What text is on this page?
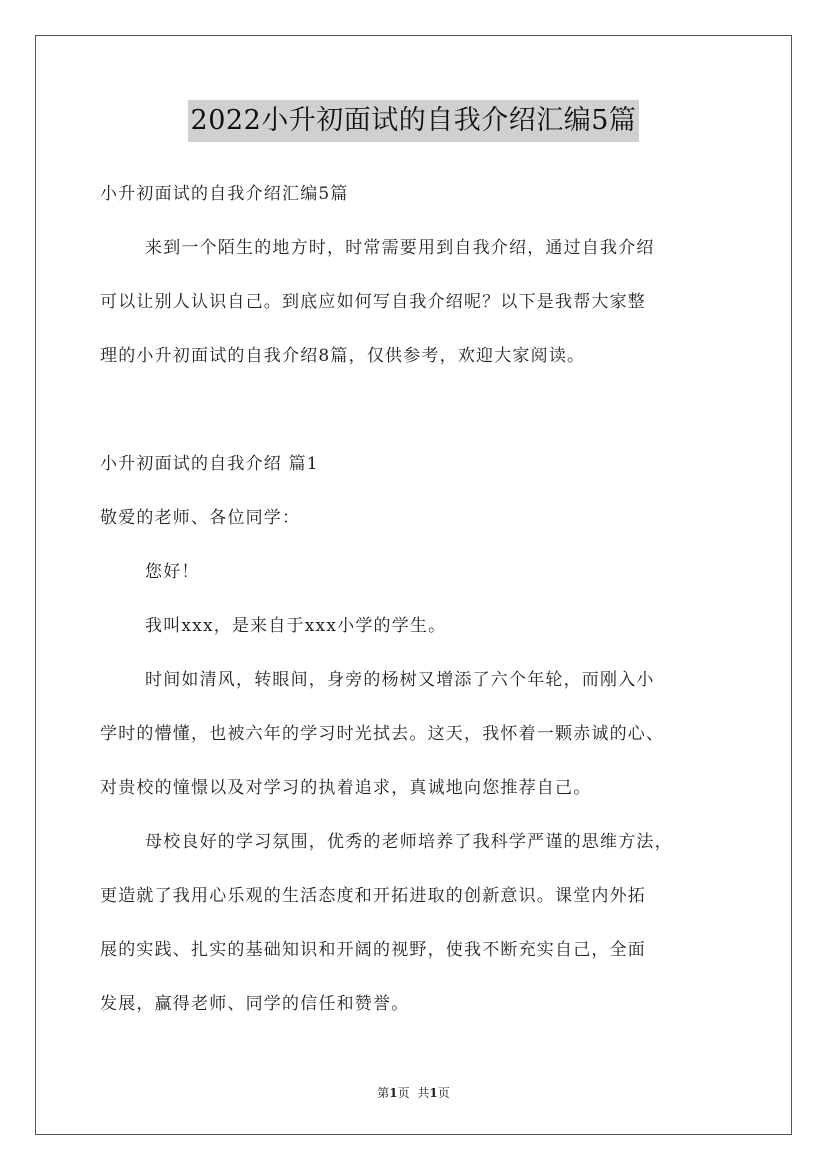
2022小升初面试的自我介绍汇编5篇
小升初面试的自我介绍汇编5篇
来到一个陌生的地方时，时常需要用到自我介绍，通过自我介绍
可以让别人认识自己。到底应如何写自我介绍呢？以下是我帮大家整
理的小升初面试的自我介绍8篇，仅供参考，欢迎大家阅读。
小升初面试的自我介绍 篇1
敬爱的老师、各位同学：
您好！
我叫xxx，是来自于xxx小学的学生。
时间如清风，转眼间，身旁的杨树又增添了六个年轮，而刚入小
学时的懵懂，也被六年的学习时光拭去。这天，我怀着一颗赤诚的心、
对贵校的憧憬以及对学习的执着追求，真诚地向您推荐自己。
母校良好的学习氛围，优秀的老师培养了我科学严谨的思维方法，
更造就了我用心乐观的生活态度和开拓进取的创新意识。课堂内外拓
展的实践、扎实的基础知识和开阔的视野，使我不断充实自己，全面
发展，赢得老师、同学的信任和赞誉。
第1页 共1页
